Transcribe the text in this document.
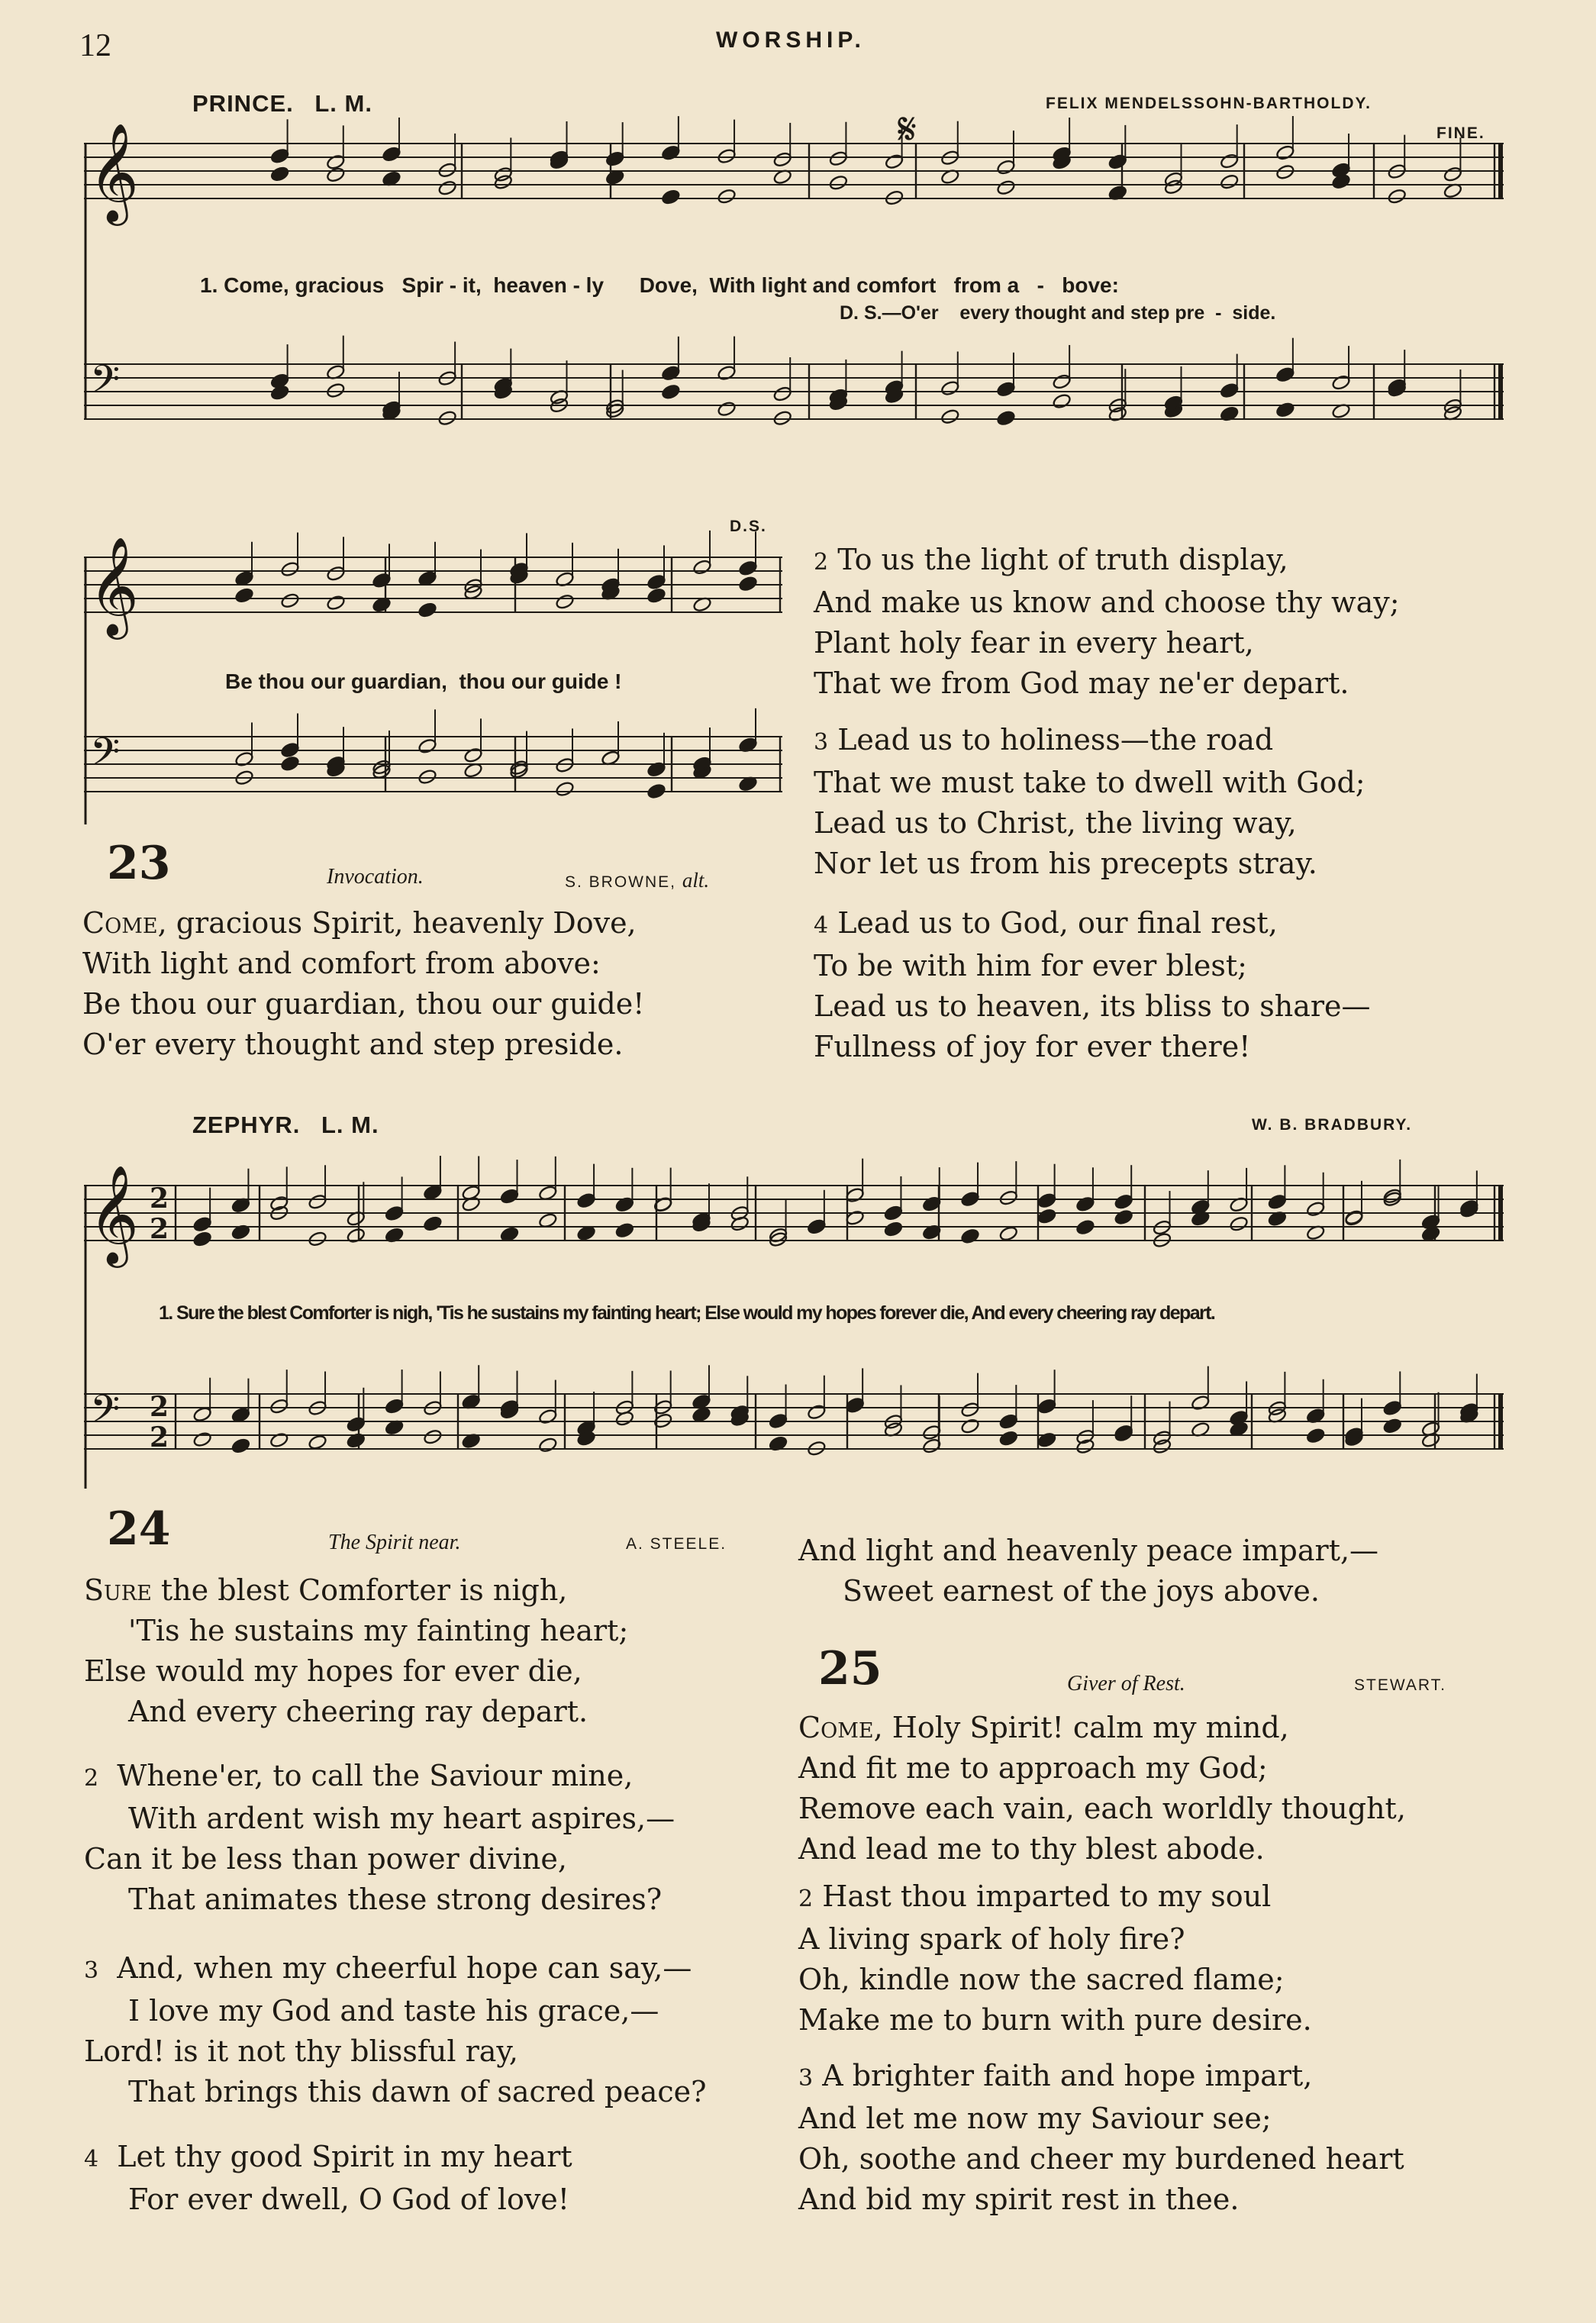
12	WORSHIP.
PRINCE. L. M.	FELIX MENDELSSOHN-BARTHOLDY.
𝄋	FINE.
𝄞
𝄢
1. Come, gracious   Spir - it,  heaven - ly      Dove,  With light and comfort   from a   -   bove:
D. S.—O'er    every thought and step pre  -  side.
𝄞
𝄢
D.S.
Be thou our guardian,  thou our guide !
23	Invocation.	S. BROWNE, alt.
Come, gracious Spirit, heavenly Dove,
With light and comfort from above:
Be thou our guardian, thou our guide!
O'er every thought and step preside.
2 To us the light of truth display,
And make us know and choose thy way;
Plant holy fear in every heart,
That we from God may ne'er depart.
3 Lead us to holiness—the road
That we must take to dwell with God;
Lead us to Christ, the living way,
Nor let us from his precepts stray.
4 Lead us to God, our final rest,
To be with him for ever blest;
Lead us to heaven, its bliss to share—
Fullness of joy for ever there!
ZEPHYR. L. M.	W. B. BRADBURY.
𝄞
𝄢
2
2
2
2
1. Sure the blest Comforter is nigh, 'Tis he sustains my fainting heart; Else would my hopes forever die, And every cheering ray depart.
24	The Spirit near.	A. STEELE.
Sure the blest Comforter is nigh,
'Tis he sustains my fainting heart;
Else would my hopes for ever die,
And every cheering ray depart.
2 Whene'er, to call the Saviour mine,
With ardent wish my heart aspires,—
Can it be less than power divine,
That animates these strong desires?
3 And, when my cheerful hope can say,—
I love my God and taste his grace,—
Lord! is it not thy blissful ray,
That brings this dawn of sacred peace?
4 Let thy good Spirit in my heart
For ever dwell, O God of love!
And light and heavenly peace impart,—
Sweet earnest of the joys above.
25	Giver of Rest.	STEWART.
Come, Holy Spirit! calm my mind,
And fit me to approach my God;
Remove each vain, each worldly thought,
And lead me to thy blest abode.
2 Hast thou imparted to my soul
A living spark of holy fire?
Oh, kindle now the sacred flame;
Make me to burn with pure desire.
3 A brighter faith and hope impart,
And let me now my Saviour see;
Oh, soothe and cheer my burdened heart
And bid my spirit rest in thee.
